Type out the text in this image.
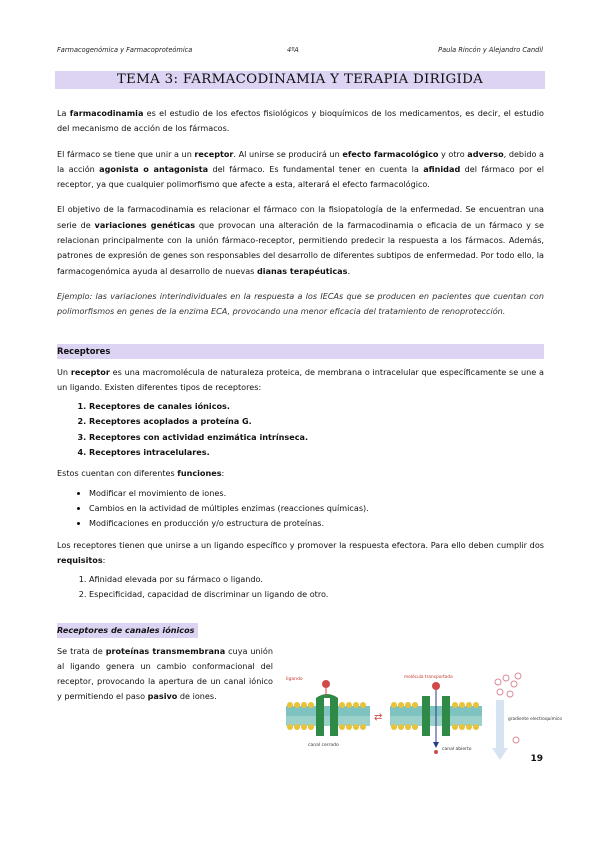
Farmacogenómica y Farmacoproteómica	4ºA	Paula Rincón y Alejandro Candil
TEMA 3: FARMACODINAMIA Y TERAPIA DIRIGIDA

La farmacodinamia es el estudio de los efectos fisiológicos y bioquímicos de los medicamentos, es decir, el estudio del mecanismo de acción de los fármacos.

El fármaco se tiene que unir a un receptor. Al unirse se producirá un efecto farmacológico y otro adverso, debido a la acción agonista o antagonista del fármaco. Es fundamental tener en cuenta la afinidad del fármaco por el receptor, ya que cualquier polimorfismo que afecte a esta, alterará el efecto farmacológico.

El objetivo de la farmacodinamia es relacionar el fármaco con la fisiopatología de la enfermedad. Se encuentran una serie de variaciones genéticas que provocan una alteración de la farmacodinamia o eficacia de un fármaco y se relacionan principalmente con la unión fármaco-receptor, permitiendo predecir la respuesta a los fármacos. Además, patrones de expresión de genes son responsables del desarrollo de diferentes subtipos de enfermedad. Por todo ello, la farmacogenómica ayuda al desarrollo de nuevas dianas terapéuticas.

Ejemplo: las variaciones interindividuales en la respuesta a los IECAs que se producen en pacientes que cuentan con polimorfismos en genes de la enzima ECA, provocando una menor eficacia del tratamiento de renoprotección.

Receptores

Un receptor es una macromolécula de naturaleza proteica, de membrana o intracelular que específicamente se une a un ligando. Existen diferentes tipos de receptores:

1. Receptores de canales iónicos.
2. Receptores acoplados a proteína G.
3. Receptores con actividad enzimática intrínseca.
4. Receptores intracelulares.

Estos cuentan con diferentes funciones:

• Modificar el movimiento de iones.
• Cambios en la actividad de múltiples enzimas (reacciones químicas).
• Modificaciones en producción y/o estructura de proteínas.

Los receptores tienen que unirse a un ligando específico y promover la respuesta efectora. Para ello deben cumplir dos requisitos:

1. Afinidad elevada por su fármaco o ligando.
2. Especificidad, capacidad de discriminar un ligando de otro.
Receptores de canales iónicos

Se trata de proteínas transmembrana cuya unión al ligando genera un cambio conformacional del receptor, provocando la apertura de un canal iónico y permitiendo el paso pasivo de iones.

ligando
canal cerrado
⇄
molécula transportada
canal abierto
gradiente electroquímico
19
